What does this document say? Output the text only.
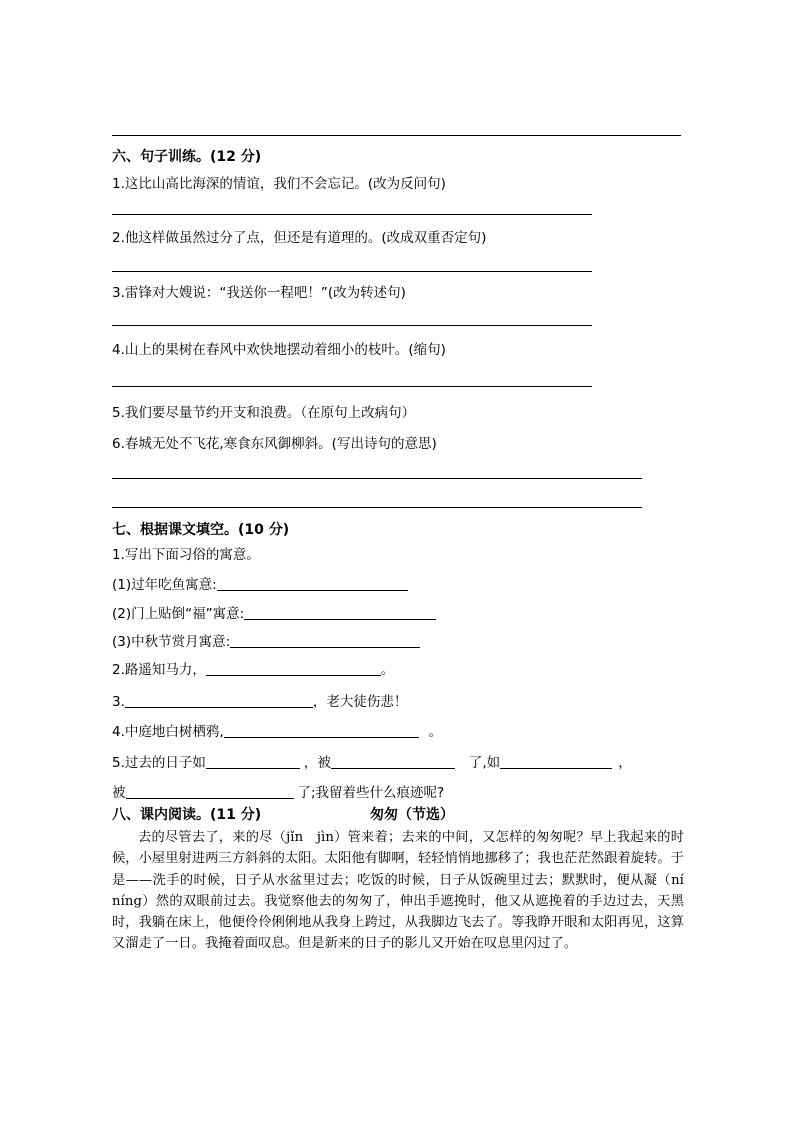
六、句子训练。(12 分)
1.这比山高比海深的情谊，我们不会忘记。(改为反问句)
2.他这样做虽然过分了点，但还是有道理的。(改成双重否定句)
3.雷锋对大嫂说：“我送你一程吧！”(改为转述句)
4.山上的果树在春风中欢快地摆动着细小的枝叶。(缩句)
5.我们要尽量节约开支和浪费。（在原句上改病句）
6.春城无处不飞花,寒食东风御柳斜。(写出诗句的意思)
七、根据课文填空。(10 分)
1.写出下面习俗的寓意。
(1)过年吃鱼寓意:
(2)门上贴倒“福”寓意:
(3)中秋节赏月寓意:
2.路遥知马力，	。
3.	，老大徒伤悲！
4.中庭地白树栖鸦,	。
5.过去的日子如	，被	了,如	，
被	了;我留着些什么痕迹呢?
八、课内阅读。(11 分)	匆匆（节选）
去的尽管去了，来的尽（jǐn　jìn）管来着；去来的中间，又怎样的匆匆呢？早上我起来的时候，小屋里射进两三方斜斜的太阳。太阳他有脚啊，轻轻悄悄地挪移了；我也茫茫然跟着旋转。于是——洗手的时候，日子从水盆里过去；吃饭的时候，日子从饭碗里过去；默默时，便从凝（ní　níng）然的双眼前过去。我觉察他去的匆匆了，伸出手遮挽时，他又从遮挽着的手边过去，天黑时，我躺在床上，他便伶伶俐俐地从我身上跨过，从我脚边飞去了。等我睁开眼和太阳再见，这算又溜走了一日。我掩着面叹息。但是新来的日子的影儿又开始在叹息里闪过了。
